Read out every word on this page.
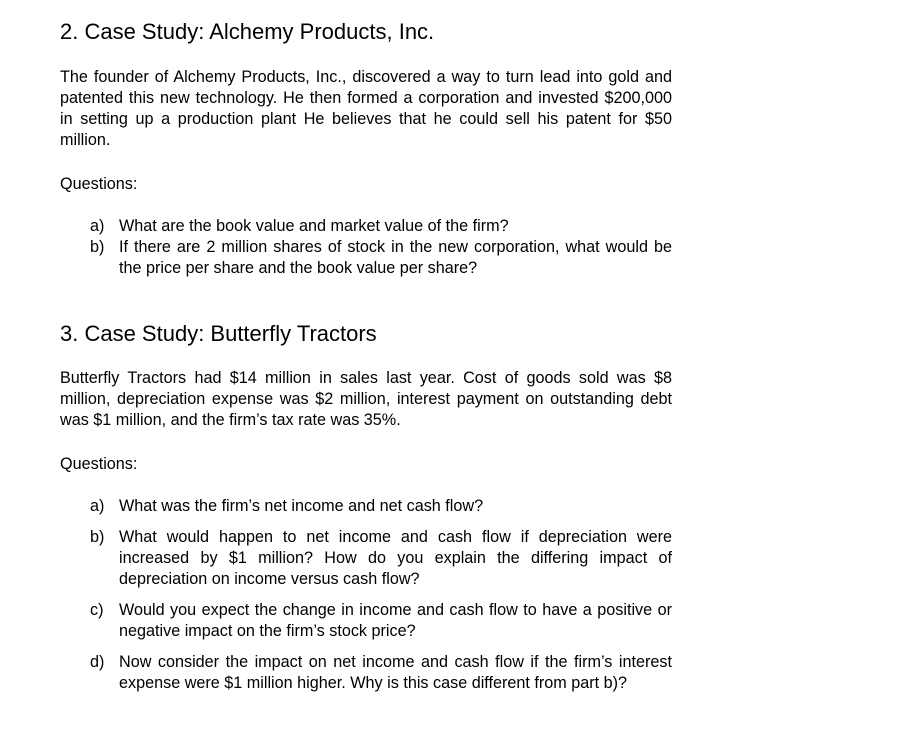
2. Case Study: Alchemy Products, Inc.

The founder of Alchemy Products, Inc., discovered a way to turn lead into gold and patented this new technology. He then formed a corporation and invested $200,000 in setting up a production plant He believes that he could sell his patent for $50 million.

Questions:
a) What are the book value and market value of the firm?
b) If there are 2 million shares of stock in the new corporation, what would be the price per share and the book value per share?
3. Case Study: Butterfly Tractors

Butterfly Tractors had $14 million in sales last year. Cost of goods sold was $8 million, depreciation expense was $2 million, interest payment on outstanding debt was $1 million, and the firm’s tax rate was 35%.

Questions:
a) What was the firm’s net income and net cash flow?
b) What would happen to net income and cash flow if depreciation were increased by $1 million? How do you explain the differing impact of depreciation on income versus cash flow?
c) Would you expect the change in income and cash flow to have a positive or negative impact on the firm’s stock price?
d) Now consider the impact on net income and cash flow if the firm’s interest expense were $1 million higher. Why is this case different from part b)?
